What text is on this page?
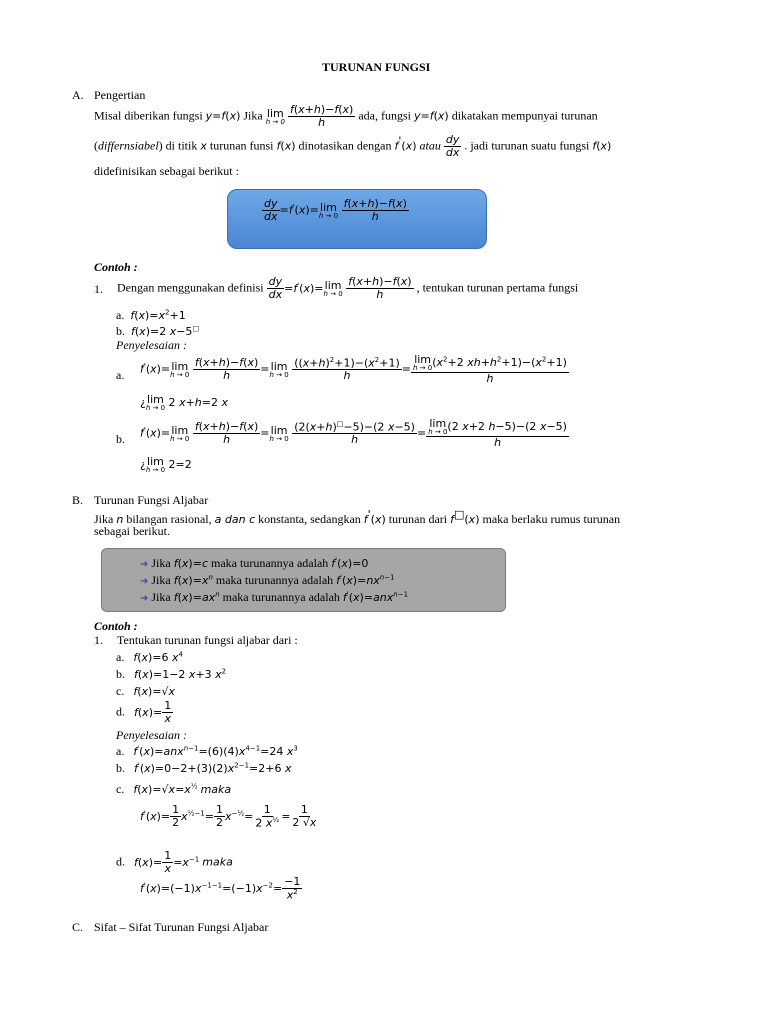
TURUNAN FUNGSI
A. Pengertian
Misal diberikan fungsi y=f(x) Jika lim
h → 0
$\frac{f(x+h)-f(x)}{h}$ ada, fungsi y=f(x) dikatakan mempunyai turunan
(differnsiabel) di titik x turunan funsi f(x) dinotasikan dengan f'(x) atau $\frac{dy}{dx}$ . jadi turunan suatu fungsi f(x)
didefinisikan sebagai berikut :
$\frac{dy}{dx} =f'(x)= \lim$
h → 0
$\frac{f(x+h)-f(x)}{h}$
Contoh :
1. Dengan menggunakan definisi $\frac{dy}{dx} =f'(x)= \lim$
h → 0
$\frac{f(x+h)-f(x)}{h}$ , tentukan turunan pertama fungsi
a. $f(x)=x^2+1$
b. f(x)=2 x−5□
Penyelesaian :
a. f'(x)= lim
h → 0
$\frac{f(x+h)-f(x)}{h} = \lim$
h → 0
$\frac{((x+h)^2+1)-(x^2+1)}{h} = \lim$
h → 0 ($x^2+2$ $xh+h^2+1)-(x^2+1)$
h
¿ lim
h → 0 2 x+h=2 x
b. f'(x)= lim
h → 0
$\frac{f(x+h)-f(x)}{h} = \lim$
h → 0
$\frac{(2(x+h)^□-5)-(2 x-5)}{h} = \lim$
h → 0 (2 x+2 h−5)−(2 x−5)
h
¿ lim
h → 0 2=2
B. Turunan Fungsi Aljabar
Jika n bilangan rasional, a dan c konstanta, sedangkan f'(x) turunan dari f□(x) maka berlaku rumus turunan
sebagai berikut.
➜ Jika f(x)=c maka turunannya adalah f'(x)=0
➜ Jika $f(x)=x^n$ maka turunannya adalah $f'(x)=nx^{n-1}$
➜ Jika $f(x)=ax^n$ maka turunannya adalah f'(x)=anx$^{n-1}$
Contoh :
1. Tentukan turunan fungsi aljabar dari :
a.   f(x)=6 $x^4$
b.   f(x)=1−2 x+3 $x^2$
c.   f(x)=√x
d.   $f(x)= \frac{1}{x}$
Penyelesaian :
a.   $f'(x)=anx^{n-1}=(6)(4)x^{4-1}=24$ $x^3$
b.   $f'(x)=0-2+(3)(2)x^{2-1}=2+6$ x
c.   $f(x)=√x=x^{\frac{1}{2}}$ maka
$f'(x)= \frac{1}{2} x^{\frac{1}{2}-1}= \frac{1}{2} x^{-\frac{1}{2}}= \frac{1}{2 x^{\frac{1}{2}}} = \frac{1}{2 √x}$
d.   $f(x)= \frac{1}{x} =x^{-1}$ maka
$f'(x)=(-1)x^{-1-1}=(-1)x^{-2}= \frac{-1}{x^2}$
C. Sifat – Sifat Turunan Fungsi Aljabar
